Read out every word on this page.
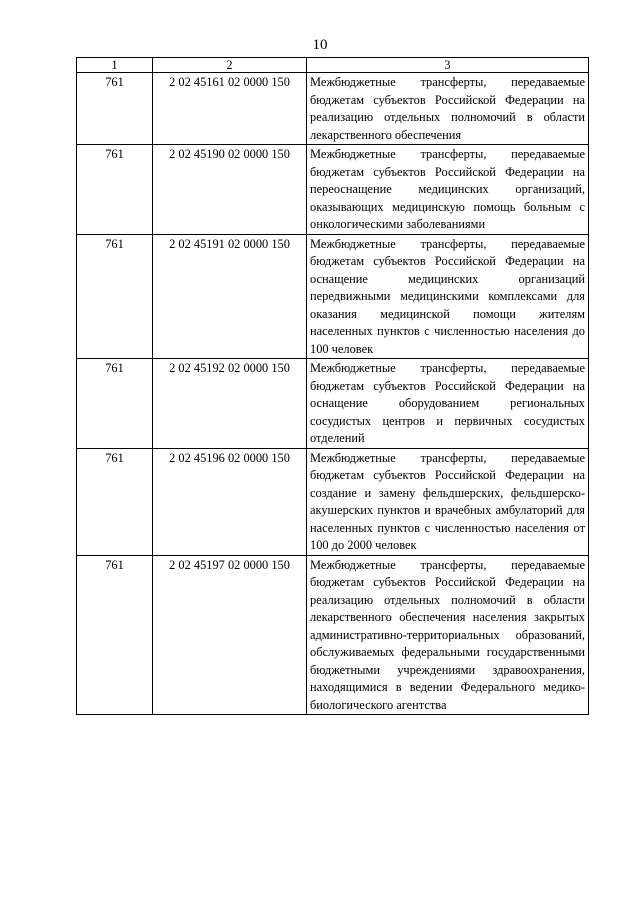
10
1	2	3
761	2 02 45161 02 0000 150	Межбюджетные трансферты, передаваемые бюджетам субъектов Российской Федерации на реализацию отдельных полномочий в области лекарственного обеспечения
761	2 02 45190 02 0000 150	Межбюджетные трансферты, передаваемые бюджетам субъектов Российской Федерации на переоснащение медицинских организаций, оказывающих медицинскую помощь больным с онкологическими заболеваниями
761	2 02 45191 02 0000 150	Межбюджетные трансферты, передаваемые бюджетам субъектов Российской Федерации на оснащение медицинских организаций передвижными медицинскими комплексами для оказания медицинской помощи жителям населенных пунктов с численностью населения до 100 человек
761	2 02 45192 02 0000 150	Межбюджетные трансферты, передаваемые бюджетам субъектов Российской Федерации на оснащение оборудованием региональных сосудистых центров и первичных сосудистых отделений
761	2 02 45196 02 0000 150	Межбюджетные трансферты, передаваемые бюджетам субъектов Российской Федерации на создание и замену фельдшерских, фельдшерско-акушерских пунктов и врачебных амбулаторий для населенных пунктов с численностью населения от 100 до 2000 человек
761	2 02 45197 02 0000 150	Межбюджетные трансферты, передаваемые бюджетам субъектов Российской Федерации на реализацию отдельных полномочий в области лекарственного обеспечения населения закрытых административно-территориальных образований, обслуживаемых федеральными государственными бюджетными учреждениями здравоохранения, находящимися в ведении Федерального медико-биологического агентства
